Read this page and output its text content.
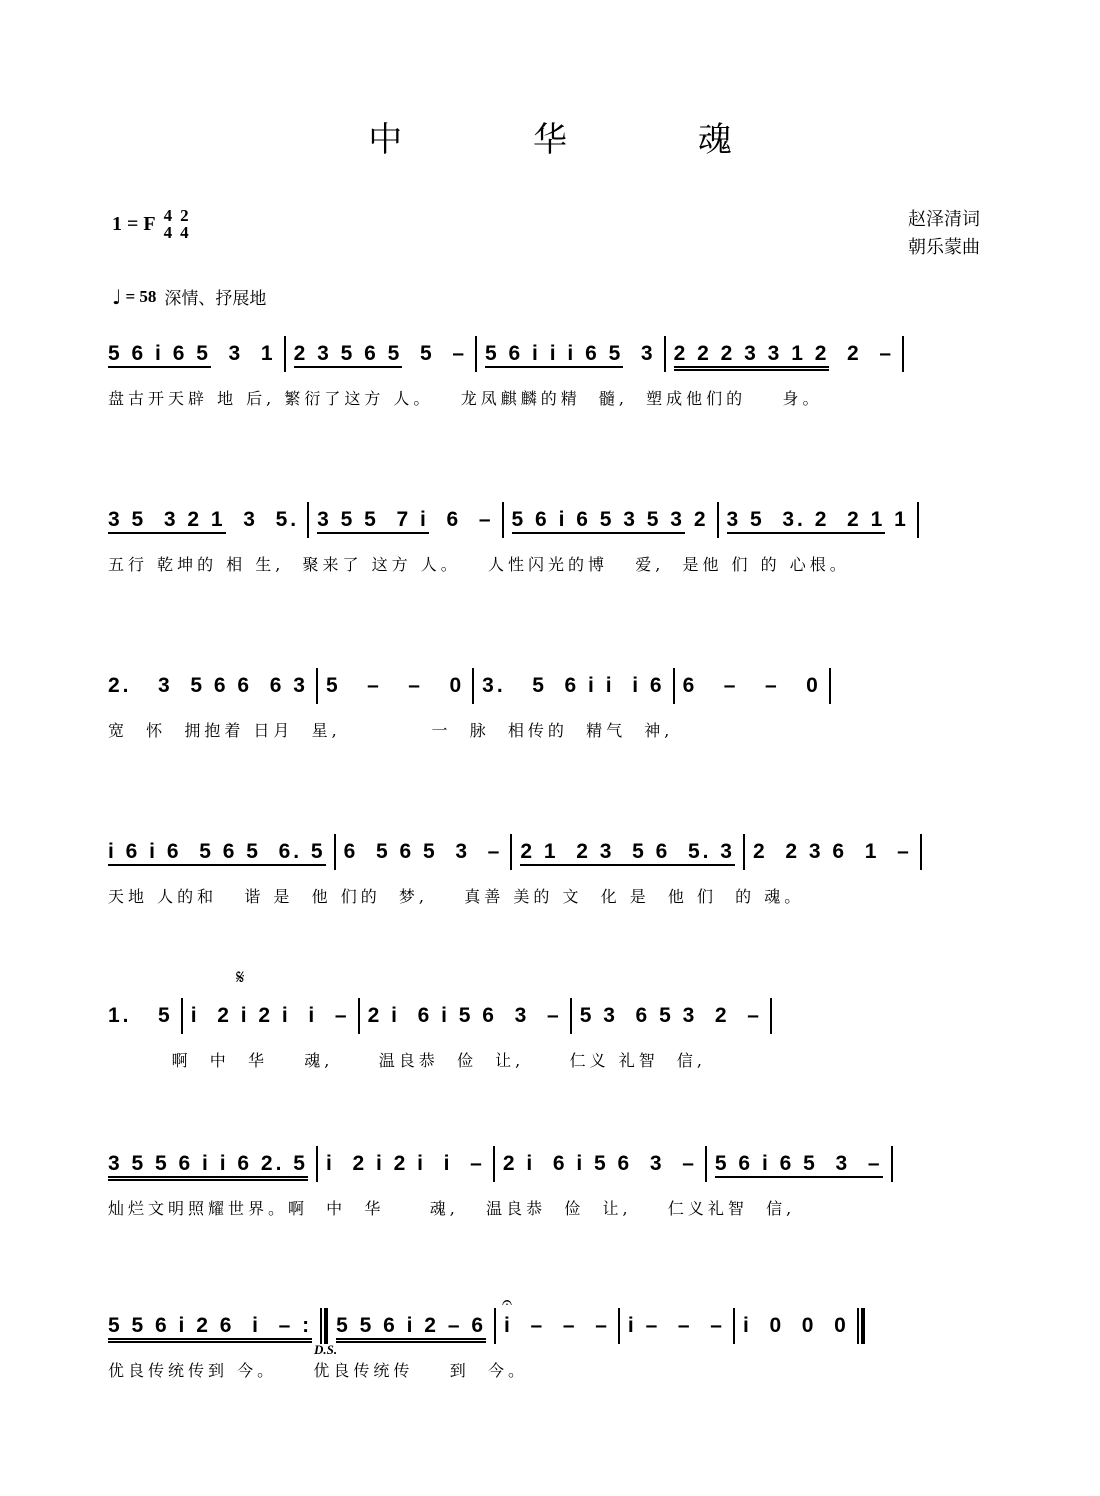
中 华 魂
1 = F 4
4
2
4
赵泽清词
朝乐蒙曲
♩ = 58 深情、抒展地
5 6 i 6 5 3  1 2 3 5 6 5 5  – 5 6 i i i 6 5 3 2 2 2 3 3 1 2 2  –
盘古开天辟 地 后, 繁衍了这方 人。   龙凤麒麟的精  髓,  塑成他们的    身。
3 5  3 2 1 3  5. 3 5 5  7 i 6  – 5 6 i 6 5 3 5 3 2 3 5  3. 2  2 1 1
五行 乾坤的 相 生,  聚来了 这方 人。   人性闪光的博   爱,  是他 们 的 心根。
2.   3  5 6 6  6 3 5   –   –   0 3.   5  6 i i  i 6 6   –   –   0
宽  怀  拥抱着 日月  星,          一  脉  相传的  精气  神,
i 6 i 6  5 6 5  6. 5 6  5 6 5  3  – 2 1  2 3  5 6  5. 3 2  2 3 6  1  –
天地 人的和   谐 是  他 们的  梦,    真善 美的 文  化 是  他 们  的 魂。
1.   5 i  2 i 2 i  i  – 2 i  6 i 5 6  3  – 5 3  6 5 3  2  –
啊  中  华    魂,     温良恭  俭  让,     仁义 礼智  信,
3 5 5 6 i i 6 2. 5 i  2 i 2 i  i  – 2 i  6 i 5 6  3  – 5 6 i 6 5  3  –
灿烂文明照耀世界。啊  中  华     魂,   温良恭  俭  让,    仁义礼智  信,
5 5 6 i 2 6  i  – : 5 5 6 i 2 – 6 i  –  –  – i –  –  – i  0  0  0
优良传统传到 今。    优良传统传    到  今。
𝄋
D.S.
𝄐
